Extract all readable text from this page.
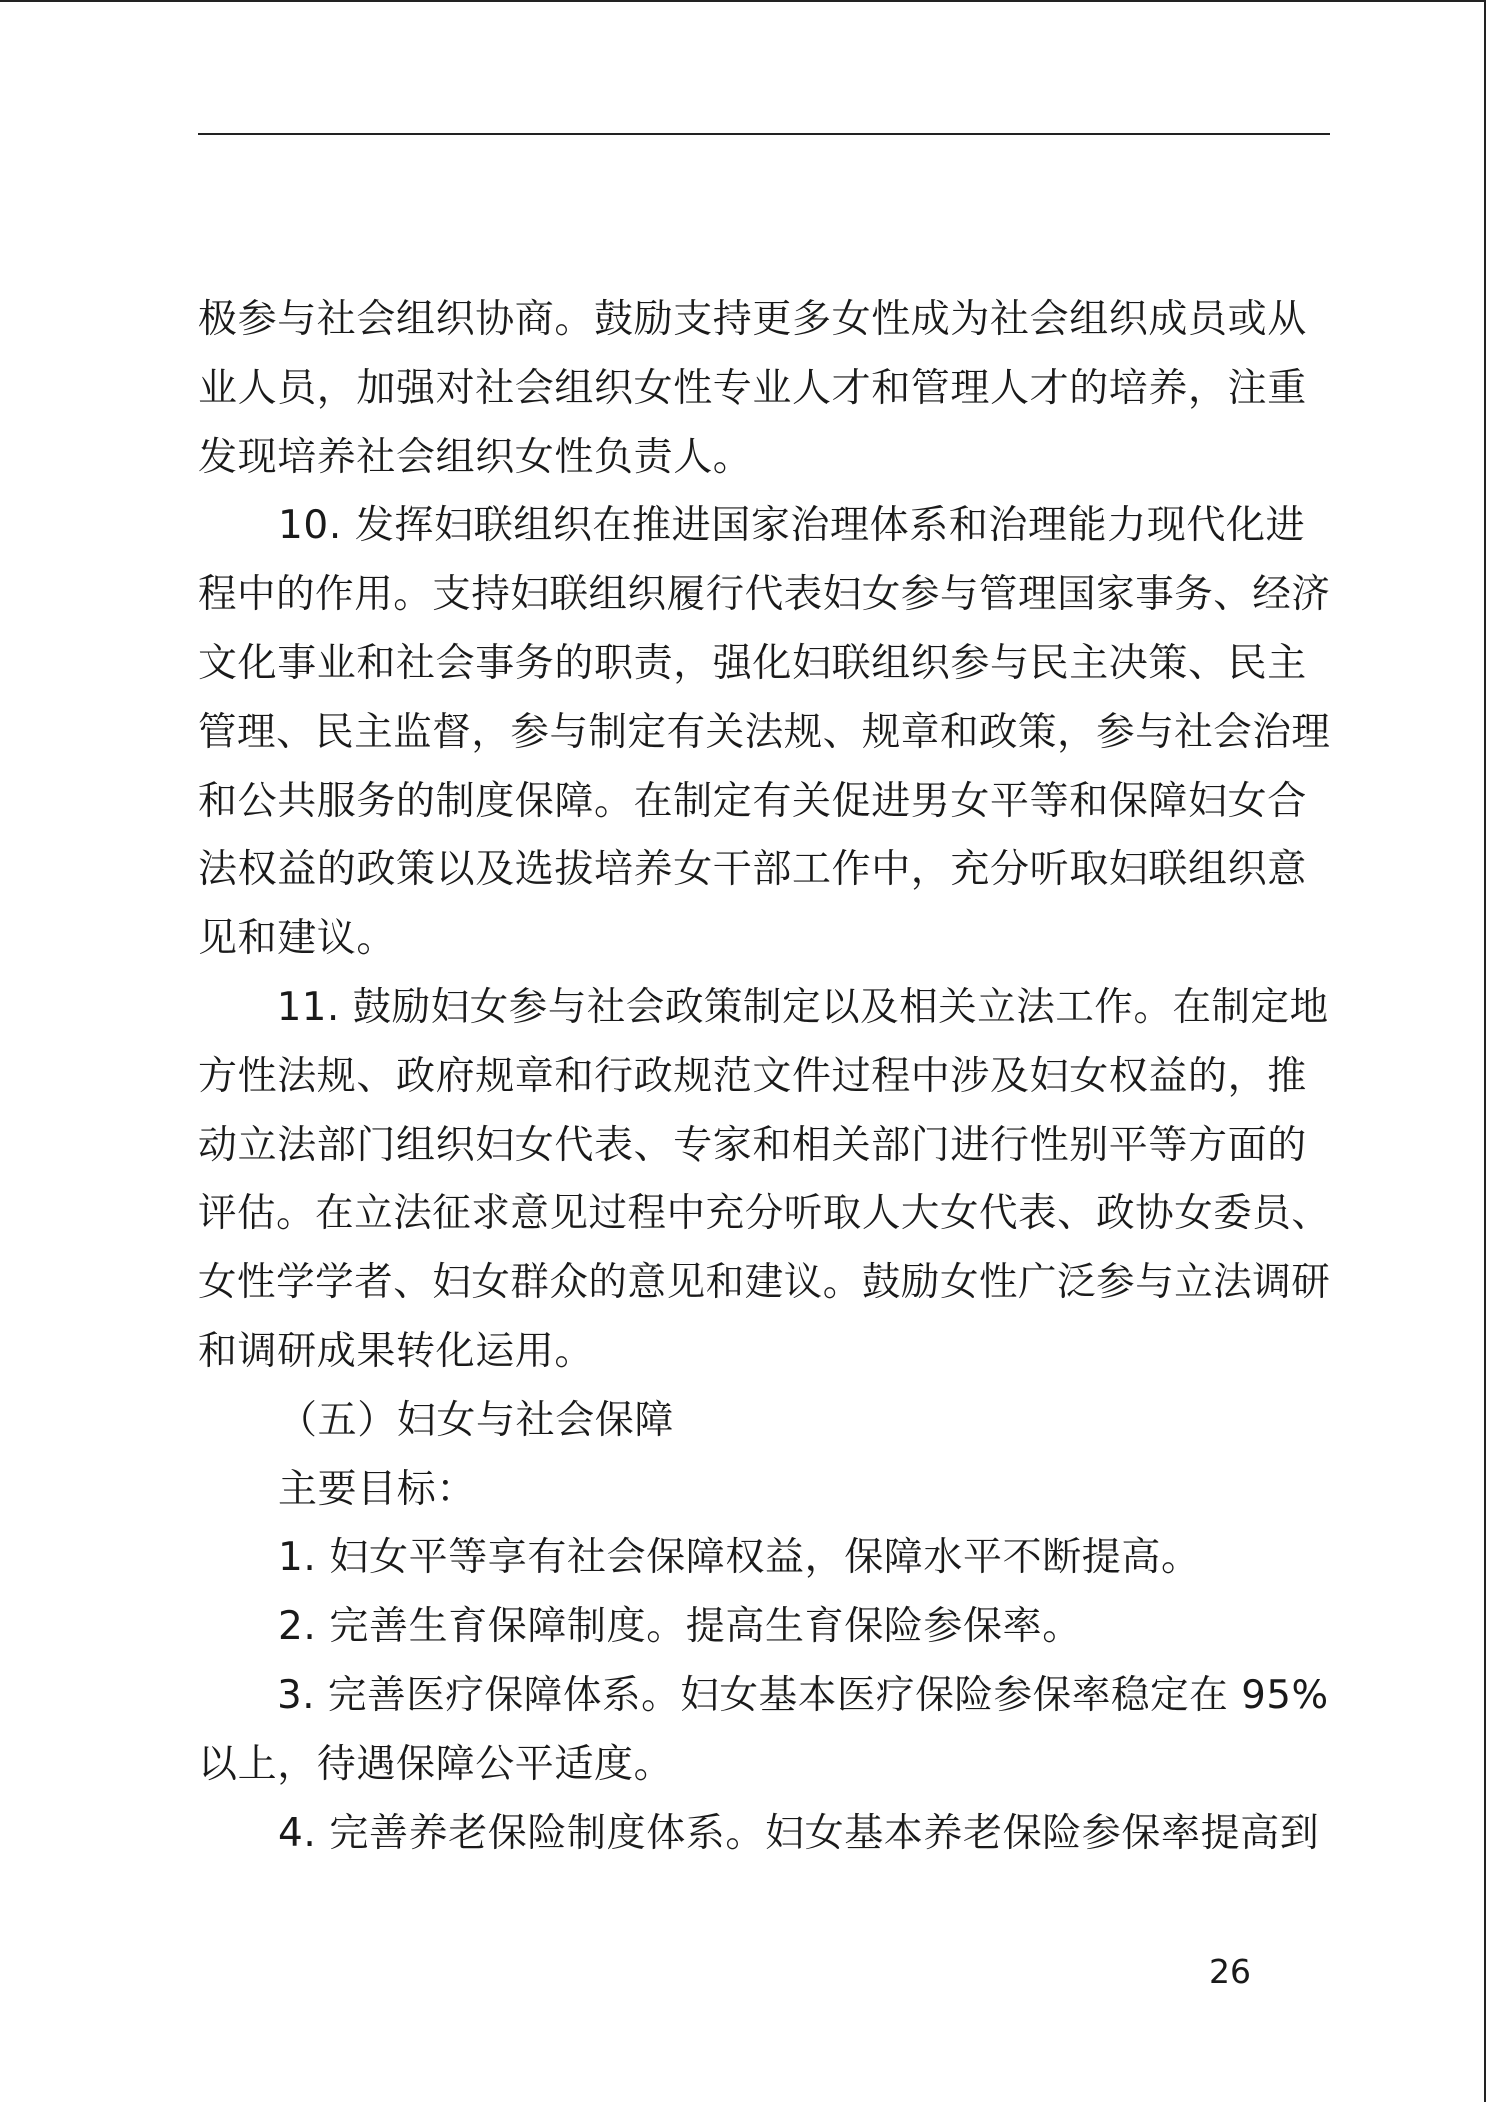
极参与社会组织协商。鼓励支持更多女性成为社会组织成员或从

业人员，加强对社会组织女性专业人才和管理人才的培养，注重

发现培养社会组织女性负责人。

10. 发挥妇联组织在推进国家治理体系和治理能力现代化进

程中的作用。支持妇联组织履行代表妇女参与管理国家事务、经济

文化事业和社会事务的职责，强化妇联组织参与民主决策、民主

管理、民主监督，参与制定有关法规、规章和政策，参与社会治理

和公共服务的制度保障。在制定有关促进男女平等和保障妇女合

法权益的政策以及选拔培养女干部工作中，充分听取妇联组织意

见和建议。

11. 鼓励妇女参与社会政策制定以及相关立法工作。在制定地

方性法规、政府规章和行政规范文件过程中涉及妇女权益的，推

动立法部门组织妇女代表、专家和相关部门进行性别平等方面的

评估。在立法征求意见过程中充分听取人大女代表、政协女委员、

女性学学者、妇女群众的意见和建议。鼓励女性广泛参与立法调研

和调研成果转化运用。

（五）妇女与社会保障

主要目标：

1. 妇女平等享有社会保障权益，保障水平不断提高。

2. 完善生育保障制度。提高生育保险参保率。

3. 完善医疗保障体系。妇女基本医疗保险参保率稳定在 95%

以上，待遇保障公平适度。

4. 完善养老保险制度体系。妇女基本养老保险参保率提高到

26
